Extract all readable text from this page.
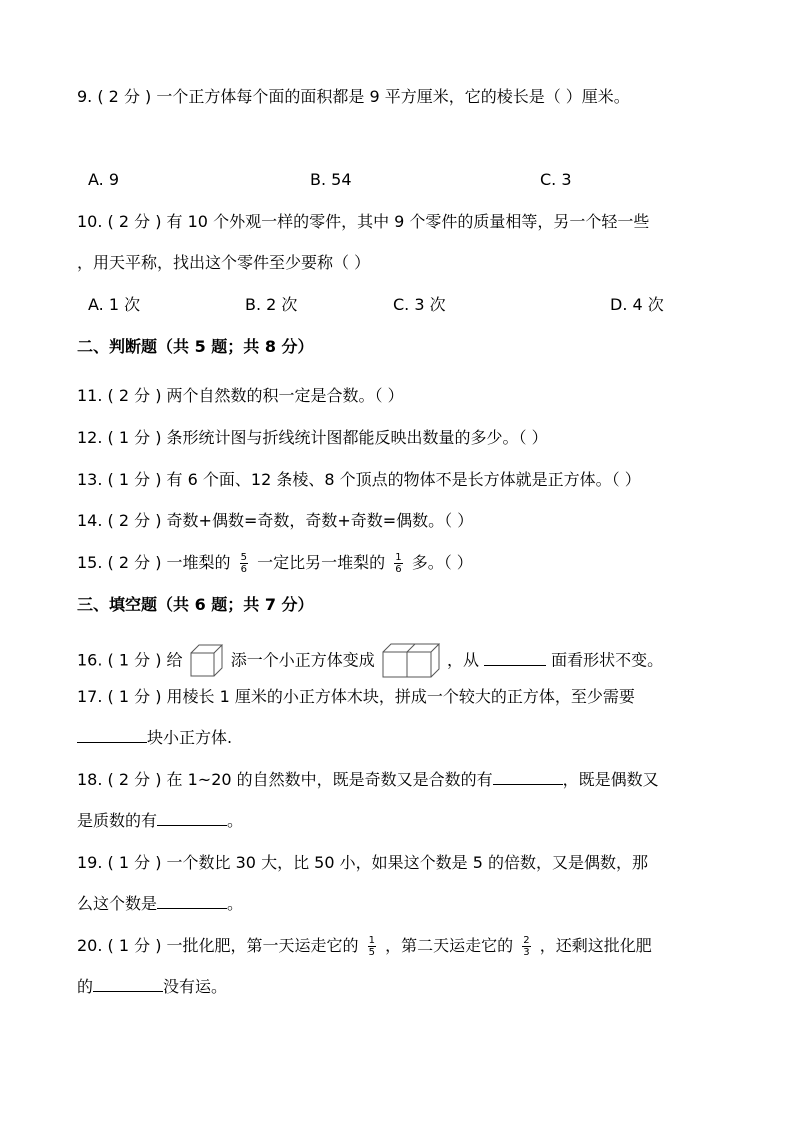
9. ( 2 分 ) 一个正方体每个面的面积都是 9 平方厘米，它的棱长是（ ）厘米。
A. 9	B. 54	C. 3
10. ( 2 分 ) 有 10 个外观一样的零件，其中 9 个零件的质量相等，另一个轻一些
，用天平称，找出这个零件至少要称（ ）
A. 1 次	B. 2 次	C. 3 次	D. 4 次
二、判断题（共 5 题；共 8 分）
11. ( 2 分 ) 两个自然数的积一定是合数。（ ）
12. ( 1 分 ) 条形统计图与折线统计图都能反映出数量的多少。（ ）
13. ( 1 分 ) 有 6 个面、12 条棱、8 个顶点的物体不是长方体就是正方体。（ ）
14. ( 2 分 ) 奇数+偶数=奇数，奇数+奇数=偶数。（ ）
15. ( 2 分 ) 一堆梨的 $\frac{5}{6}$ 一定比另一堆梨的 $\frac{1}{6}$ 多。（ ）
三、填空题（共 6 题；共 7 分）
16. ( 1 分 ) 给	添一个小正方体变成	，从	面看形状不变。
17. ( 1 分 ) 用棱长 1 厘米的小正方体木块，拼成一个较大的正方体，至少需要
块小正方体.
18. ( 2 分 ) 在 1~20 的自然数中，既是奇数又是合数的有	，既是偶数又
是质数的有	。
19. ( 1 分 ) 一个数比 30 大，比 50 小，如果这个数是 5 的倍数，又是偶数，那
么这个数是	。
20. ( 1 分 ) 一批化肥，第一天运走它的 $\frac{1}{5}$ ，第二天运走它的 $\frac{2}{3}$ ，还剩这批化肥
的	没有运。
